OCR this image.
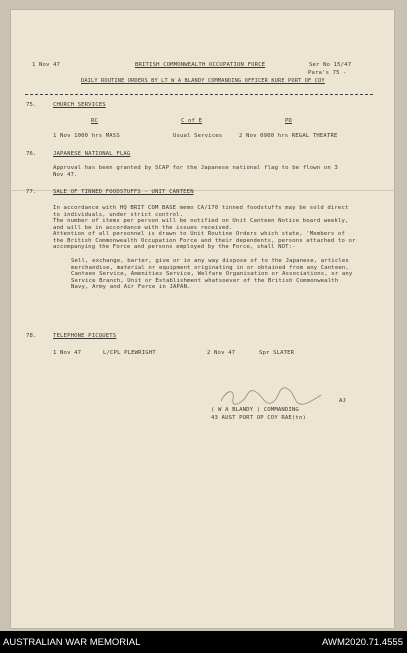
1 Nov 47	BRITISH COMMONWEALTH OCCUPATION FORCE	Ser No 15/47
Para's 75 -
DAILY ROUTINE ORDERS BY LT W A BLANDY COMMANDING OFFICER KURE PORT OF COY
75.	CHURCH SERVICES
RC	C of E	PD
1 Nov 1000 hrs MASS	Usual Services	2 Nov 0900 hrs REGAL THEATRE
76.	JAPANESE NATIONAL FLAG
Approval has been granted by SCAP for the Japanese national flag to be flown on 3 Nov 47.
77.	SALE OF TINNED FOODSTUFFS - UNIT CANTEEN
In accordance with HQ BRIT COM BASE memo CA/170 tinned foodstuffs may be sold direct to individuals, under strict control.
The number of items per person will be notified on Unit Canteen Notice board weekly, and will be in accordance with the issues received.
Attention of all personnel is drawn to Unit Routine Orders which state, 'Members of the British Commonwealth Occupation Force and their dependents, persons attached to or accompanying the Force and persons employed by the Force, shall NOT:-
Sell, exchange, barter, give or in any way dispose of to the Japanese, articles merchandise, material or equipment originating in or obtained from any Canteen, Canteen Service, Amenities Service, Welfare Organisation or Associations, or any Service Branch, Unit or Establishment whatsoever of the British Commonwealth Navy, Army and Air Force in JAPAN.
78.	TELEPHONE PICQUETS
1 Nov 47	L/CPL PLEWRIGHT	2 Nov 47	Spr SLATER
AJ
( W A BLANDY ) COMMANDING
43 AUST PORT OP COY RAE(tn)
AUSTRALIAN WAR MEMORIAL	AWM2020.71.4555
